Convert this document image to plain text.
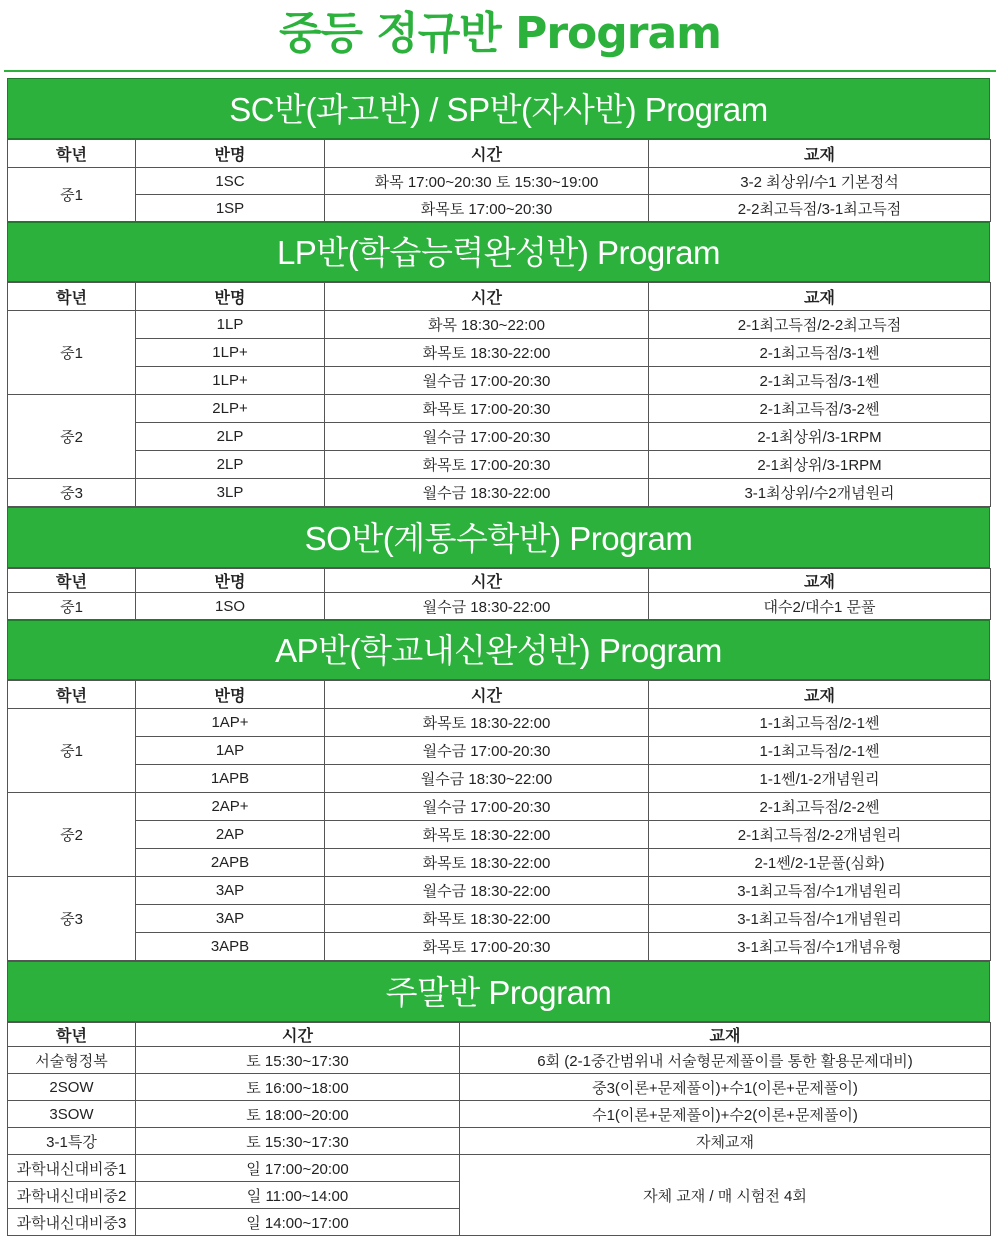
중등 정규반 Program
SC반(과고반) / SP반(자사반) Program
학년	반명	시간	교재
중1	1SC	화목 17:00~20:30 토 15:30~19:00	3-2 최상위/수1 기본정석
	1SP	화목토 17:00~20:30	2-2최고득점/3-1최고득점
LP반(학습능력완성반) Program
학년	반명	시간	교재
중1	1LP	화목 18:30~22:00	2-1최고득점/2-2최고득점
	1LP+	화목토 18:30-22:00	2-1최고득점/3-1쎈
	1LP+	월수금 17:00-20:30	2-1최고득점/3-1쎈
중2	2LP+	화목토 17:00-20:30	2-1최고득점/3-2쎈
	2LP	월수금 17:00-20:30	2-1최상위/3-1RPM
	2LP	화목토 17:00-20:30	2-1최상위/3-1RPM
중3	3LP	월수금 18:30-22:00	3-1최상위/수2개념원리
SO반(계통수학반) Program
학년	반명	시간	교재
중1	1SO	월수금 18:30-22:00	대수2/대수1 문풀
AP반(학교내신완성반) Program
학년	반명	시간	교재
중1	1AP+	화목토 18:30-22:00	1-1최고득점/2-1쎈
	1AP	월수금 17:00-20:30	1-1최고득점/2-1쎈
	1APB	월수금 18:30~22:00	1-1쎈/1-2개념원리
중2	2AP+	월수금 17:00-20:30	2-1최고득점/2-2쎈
	2AP	화목토 18:30-22:00	2-1최고득점/2-2개념원리
	2APB	화목토 18:30-22:00	2-1쎈/2-1문풀(심화)
중3	3AP	월수금 18:30-22:00	3-1최고득점/수1개념원리
	3AP	화목토 18:30-22:00	3-1최고득점/수1개념원리
	3APB	화목토 17:00-20:30	3-1최고득점/수1개념유형
주말반 Program
학년	시간	교재
서술형정복	토 15:30~17:30	6회 (2-1중간범위내 서술형문제풀이를 통한 활용문제대비)
2SOW	토 16:00~18:00	중3(이론+문제풀이)+수1(이론+문제풀이)
3SOW	토 18:00~20:00	수1(이론+문제풀이)+수2(이론+문제풀이)
3-1특강	토 15:30~17:30	자체교재
과학내신대비중1	일 17:00~20:00	자체 교재 / 매 시험전 4회
과학내신대비중2	일 11:00~14:00	
과학내신대비중3	일 14:00~17:00	
